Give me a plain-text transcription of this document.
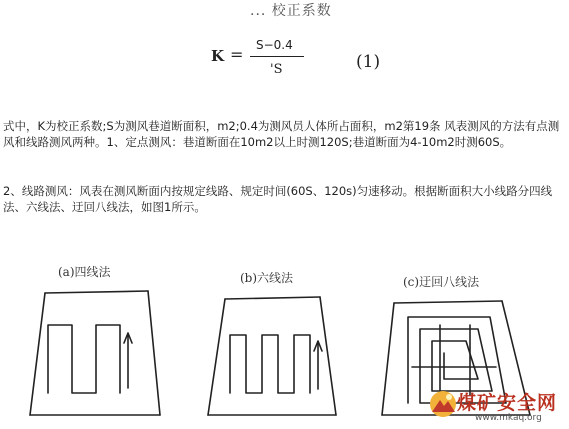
... 校正系数
K = S−0.4
'S	(1)

式中，K为校正系数;S为测风巷道断面积，m2;0.4为测风员人体所占面积，m2第19条 风表测风的方法有点测风和线路测风两种。1、定点测风：巷道断面在10m2以上时测120S;巷道断面为4-10m2时测60S。

2、线路测风：风表在测风断面内按规定线路、规定时间(60S、120s)匀速移动。根据断面积大小线路分四线法、六线法、迂回八线法，如图1所示。

(a)四线法	(b)六线法	(c)迂回八线法
煤矿安全网
www.mkaq.org
